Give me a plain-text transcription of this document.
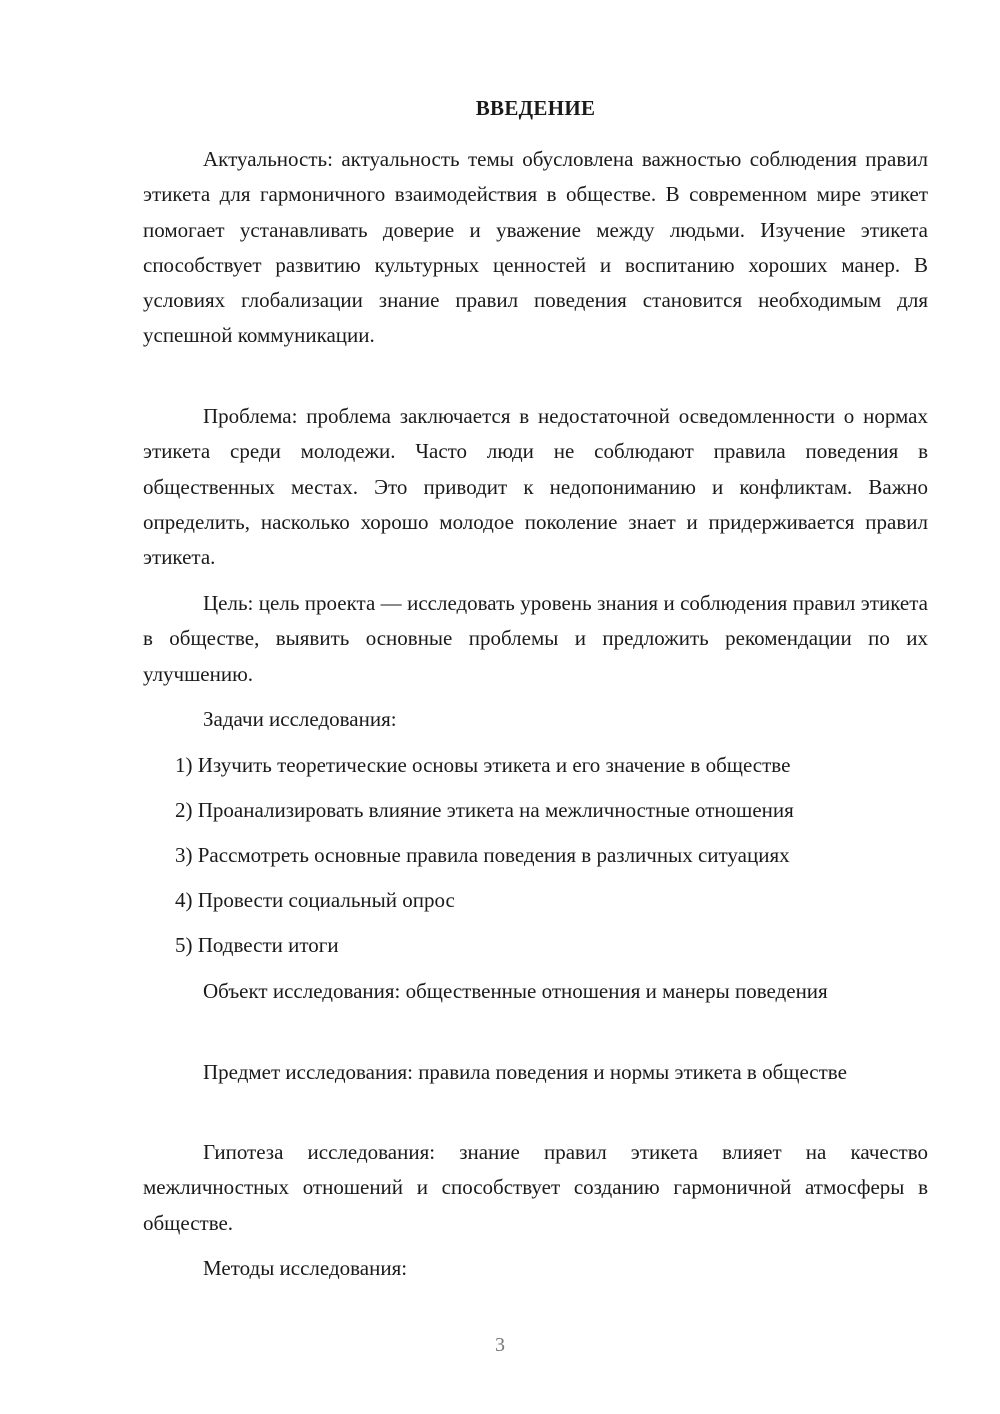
ВВЕДЕНИЕ

Актуальность: актуальность темы обусловлена важностью соблюдения правил этикета для гармоничного взаимодействия в обществе. В современном мире этикет помогает устанавливать доверие и уважение между людьми. Изучение этикета способствует развитию культурных ценностей и воспитанию хороших манер. В условиях глобализации знание правил поведения становится необходимым для успешной коммуникации.

Проблема: проблема заключается в недостаточной осведомленности о нормах этикета среди молодежи. Часто люди не соблюдают правила поведения в общественных местах. Это приводит к недопониманию и конфликтам. Важно определить, насколько хорошо молодое поколение знает и придерживается правил этикета.

Цель: цель проекта — исследовать уровень знания и соблюдения правил этикета в обществе, выявить основные проблемы и предложить рекомендации по их улучшению.

Задачи исследования:

1) Изучить теоретические основы этикета и его значение в обществе
2) Проанализировать влияние этикета на межличностные отношения
3) Рассмотреть основные правила поведения в различных ситуациях
4) Провести социальный опрос
5) Подвести итоги

Объект исследования: общественные отношения и манеры поведения

Предмет исследования: правила поведения и нормы этикета в обществе

Гипотеза исследования: знание правил этикета влияет на качество межличностных отношений и способствует созданию гармоничной атмосферы в обществе.

Методы исследования:

3
